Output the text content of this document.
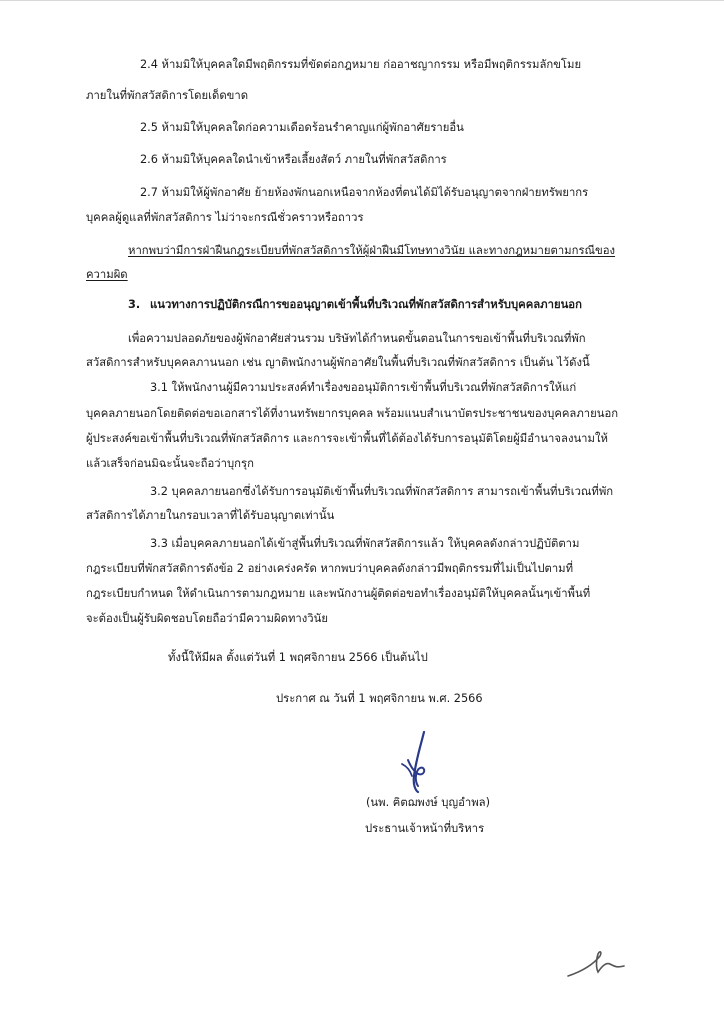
2.4 ห้ามมิให้บุคคลใดมีพฤติกรรมที่ขัดต่อกฎหมาย ก่ออาชญากรรม หรือมีพฤติกรรมลักขโมย
ภายในที่พักสวัสดิการโดยเด็ดขาด
2.5 ห้ามมิให้บุคคลใดก่อความเดือดร้อนรำคาญแก่ผู้พักอาศัยรายอื่น
2.6 ห้ามมิให้บุคคลใดนำเข้าหรือเลี้ยงสัตว์ ภายในที่พักสวัสดิการ
2.7 ห้ามมิให้ผู้พักอาศัย ย้ายห้องพักนอกเหนือจากห้องที่ตนได้มิได้รับอนุญาตจากฝ่ายทรัพยากร
บุคคลผู้ดูแลที่พักสวัสดิการ ไม่ว่าจะกรณีชั่วคราวหรือถาวร
หากพบว่ามีการฝ่าฝืนกฎระเบียบที่พักสวัสดิการให้ผู้ฝ่าฝืนมีโทษทางวินัย และทางกฎหมายตามกรณีของ
ความผิด
3. แนวทางการปฏิบัติกรณีการขออนุญาตเข้าพื้นที่บริเวณที่พักสวัสดิการสำหรับบุคคลภายนอก
เพื่อความปลอดภัยของผู้พักอาศัยส่วนรวม บริษัทได้กำหนดขั้นตอนในการขอเข้าพื้นที่บริเวณที่พัก
สวัสดิการสำหรับบุคคลภานนอก เช่น ญาติพนักงานผู้พักอาศัยในพื้นที่บริเวณที่พักสวัสดิการ เป็นต้น ไว้ดังนี้
3.1 ให้พนักงานผู้มีความประสงค์ทำเรื่องขออนุมัติการเข้าพื้นที่บริเวณที่พักสวัสดิการให้แก่
บุคคลภายนอกโดยติดต่อขอเอกสารได้ที่งานทรัพยากรบุคคล พร้อมแนบสำเนาบัตรประชาชนของบุคคลภายนอก
ผู้ประสงค์ขอเข้าพื้นที่บริเวณที่พักสวัสดิการ และการจะเข้าพื้นที่ได้ต้องได้รับการอนุมัติโดยผู้มีอำนาจลงนามให้
แล้วเสร็จก่อนมิฉะนั้นจะถือว่าบุกรุก
3.2 บุคคลภายนอกซึ่งได้รับการอนุมัติเข้าพื้นที่บริเวณที่พักสวัสดิการ สามารถเข้าพื้นที่บริเวณที่พัก
สวัสดิการได้ภายในกรอบเวลาที่ได้รับอนุญาตเท่านั้น
3.3 เมื่อบุคคลภายนอกได้เข้าสู่พื้นที่บริเวณที่พักสวัสดิการแล้ว ให้บุคคลดังกล่าวปฏิบัติตาม
กฎระเบียบที่พักสวัสดิการดังข้อ 2 อย่างเคร่งครัด หากพบว่าบุคคลดังกล่าวมีพฤติกรรมที่ไม่เป็นไปตามที่
กฎระเบียบกำหนด ให้ดำเนินการตามกฎหมาย และพนักงานผู้ติดต่อขอทำเรื่องอนุมัติให้บุคคลนั้นๆเข้าพื้นที่
จะต้องเป็นผู้รับผิดชอบโดยถือว่ามีความผิดทางวินัย
ทั้งนี้ให้มีผล ตั้งแต่วันที่ 1 พฤศจิกายน 2566 เป็นต้นไป
ประกาศ ณ วันที่ 1 พฤศจิกายน พ.ศ. 2566
(นพ. ฅิตฌพงษ์ บุญอำพล)
ประธานเจ้าหน้าที่บริหาร
